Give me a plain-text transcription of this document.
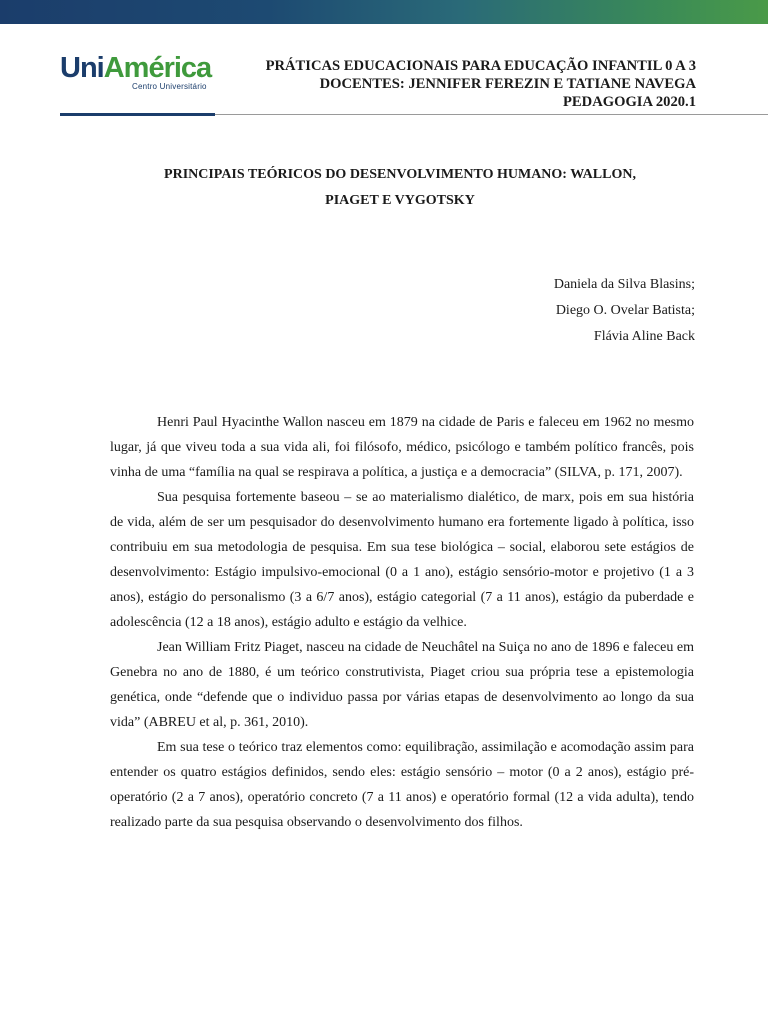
UniAmérica
Centro Universitário
PRÁTICAS EDUCACIONAIS PARA EDUCAÇÃO INFANTIL 0 A 3
DOCENTES: JENNIFER FEREZIN E TATIANE NAVEGA
PEDAGOGIA 2020.1
PRINCIPAIS TEÓRICOS DO DESENVOLVIMENTO HUMANO: WALLON,
PIAGET E VYGOTSKY
Daniela da Silva Blasins;
Diego O. Ovelar Batista;
Flávia Aline Back

Henri Paul Hyacinthe Wallon nasceu em 1879 na cidade de Paris e faleceu em 1962 no mesmo lugar, já que viveu toda a sua vida ali, foi filósofo, médico, psicólogo e também político francês, pois vinha de uma “família na qual se respirava a política, a justiça e a democracia” (SILVA, p. 171, 2007).

Sua pesquisa fortemente baseou – se ao materialismo dialético, de marx, pois em sua história de vida, além de ser um pesquisador do desenvolvimento humano era fortemente ligado à política, isso contribuiu em sua metodologia de pesquisa. Em sua tese biológica – social, elaborou sete estágios de desenvolvimento: Estágio impulsivo-emocional (0 a 1 ano), estágio sensório-motor e projetivo (1 a 3 anos), estágio do personalismo (3 a 6/7 anos), estágio categorial (7 a 11 anos), estágio da puberdade e adolescência (12 a 18 anos), estágio adulto e estágio da velhice.

Jean William Fritz Piaget, nasceu na cidade de Neuchâtel na Suiça no ano de 1896 e faleceu em Genebra no ano de 1880, é um teórico construtivista, Piaget criou sua própria tese a epistemologia genética, onde “defende que o individuo passa por várias etapas de desenvolvimento ao longo da sua vida” (ABREU et al, p. 361, 2010).

Em sua tese o teórico traz elementos como: equilibração, assimilação e acomodação assim para entender os quatro estágios definidos, sendo eles: estágio sensório – motor (0 a 2 anos), estágio pré-operatório (2 a 7 anos), operatório concreto (7 a 11 anos) e operatório formal (12 a vida adulta), tendo realizado parte da sua pesquisa observando o desenvolvimento dos filhos.
